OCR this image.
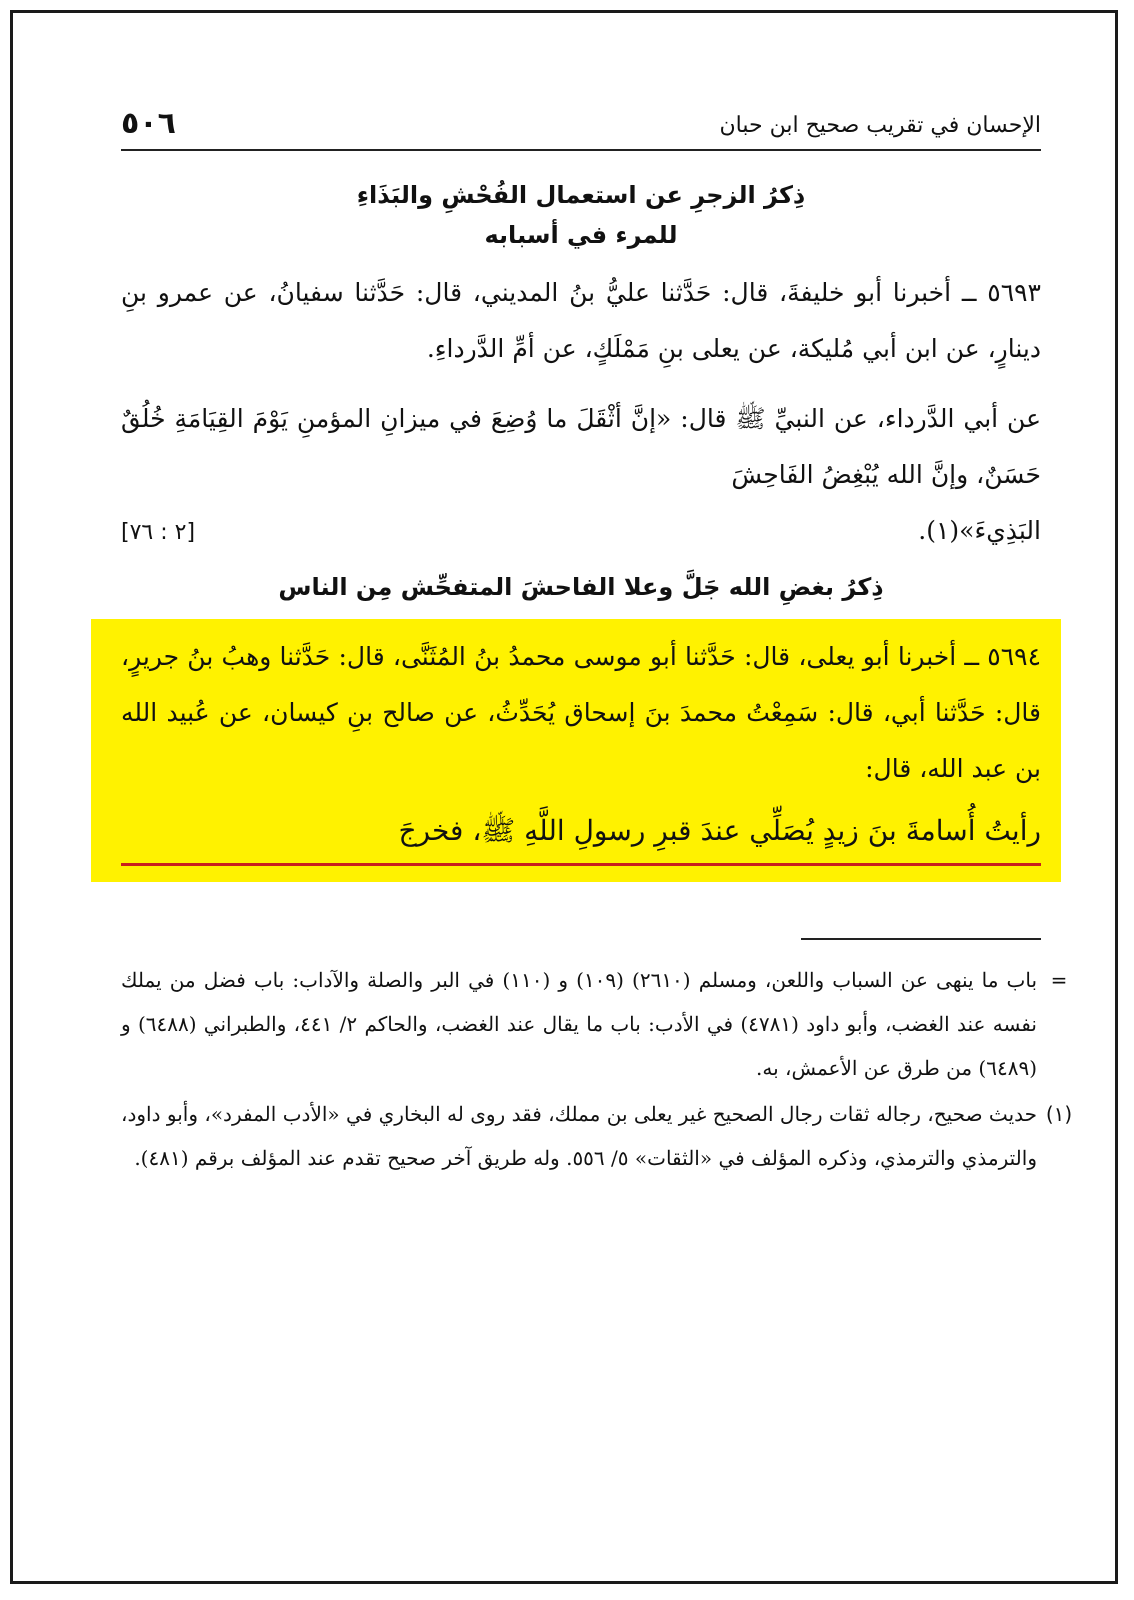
الإحسان في تقريب صحيح ابن حبان
٥٠٦
ذِكرُ الزجرِ عن استعمال الفُحْشِ والبَذَاءِ
للمرء في أسبابه
٥٦٩٣ ــ أخبرنا أبو خليفةَ، قال: حَدَّثنا عليُّ بنُ المديني، قال: حَدَّثنا سفيانُ، عن عمرو بنِ دينارٍ، عن ابن أبي مُليكة، عن يعلى بنِ مَمْلَكٍ، عن أمِّ الدَّرداءِ.
عن أبي الدَّرداء، عن النبيِّ ﷺ قال: «إنَّ أثْقَلَ ما وُضِعَ في ميزانِ المؤمنِ يَوْمَ القِيَامَةِ خُلُقٌ حَسَنٌ، وإنَّ الله يُبْغِضُ الفَاحِشَ
البَذِيءَ»(١).
[٢ : ٧٦]
ذِكرُ بغضِ الله جَلَّ وعلا الفاحشَ المتفحِّش مِن الناس
٥٦٩٤ ــ أخبرنا أبو يعلى، قال: حَدَّثنا أبو موسى محمدُ بنُ المُثَنَّى، قال: حَدَّثنا وهبُ بنُ جريرٍ، قال: حَدَّثنا أبي، قال: سَمِعْتُ محمدَ بنَ إسحاق يُحَدِّثُ، عن صالح بنِ كيسان، عن عُبيد الله بن عبد الله، قال:
رأيتُ أُسامةَ بنَ زيدٍ يُصَلِّي عندَ قبرِ رسولِ اللَّهِ ﷺ، فخرجَ
=
باب ما ينهى عن السباب واللعن، ومسلم (٢٦١٠) (١٠٩) و (١١٠) في البر والصلة والآداب: باب فضل من يملك نفسه عند الغضب، وأبو داود (٤٧٨١) في الأدب: باب ما يقال عند الغضب، والحاكم ٢/ ٤٤١، والطبراني (٦٤٨٨) و (٦٤٨٩) من طرق عن الأعمش، به.
(١)
حديث صحيح، رجاله ثقات رجال الصحيح غير يعلى بن مملك، فقد روى له البخاري في «الأدب المفرد»، وأبو داود، والترمذي والترمذي، وذكره المؤلف في «الثقات» ٥/ ٥٥٦. وله طريق آخر صحيح تقدم عند المؤلف برقم (٤٨١).
